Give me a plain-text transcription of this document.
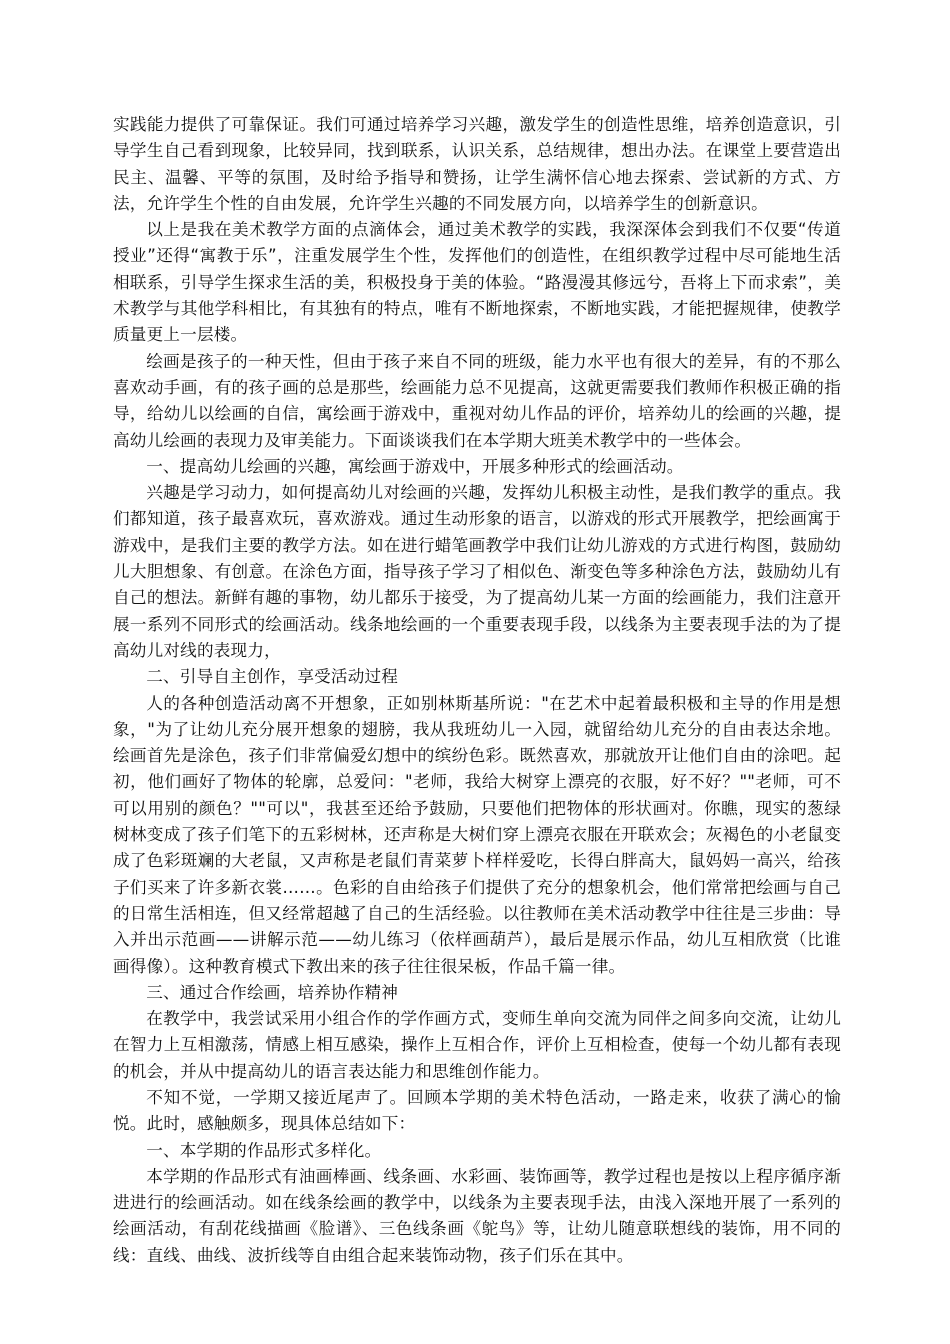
实践能力提供了可靠保证。我们可通过培养学习兴趣，激发学生的创造性思维，培养创造意识，引导学生自己看到现象，比较异同，找到联系，认识关系，总结规律，想出办法。在课堂上要营造出民主、温馨、平等的氛围，及时给予指导和赞扬，让学生满怀信心地去探索、尝试新的方式、方法，允许学生个性的自由发展，允许学生兴趣的不同发展方向，以培养学生的创新意识。

以上是我在美术教学方面的点滴体会，通过美术教学的实践，我深深体会到我们不仅要“传道授业”还得“寓教于乐”，注重发展学生个性，发挥他们的创造性，在组织教学过程中尽可能地生活相联系，引导学生探求生活的美，积极投身于美的体验。“路漫漫其修远兮，吾将上下而求索”，美术教学与其他学科相比，有其独有的特点，唯有不断地探索，不断地实践，才能把握规律，使教学质量更上一层楼。

绘画是孩子的一种天性，但由于孩子来自不同的班级，能力水平也有很大的差异，有的不那么喜欢动手画，有的孩子画的总是那些，绘画能力总不见提高，这就更需要我们教师作积极正确的指导，给幼儿以绘画的自信，寓绘画于游戏中，重视对幼儿作品的评价，培养幼儿的绘画的兴趣，提高幼儿绘画的表现力及审美能力。下面谈谈我们在本学期大班美术教学中的一些体会。

一、提高幼儿绘画的兴趣，寓绘画于游戏中，开展多种形式的绘画活动。

兴趣是学习动力，如何提高幼儿对绘画的兴趣，发挥幼儿积极主动性，是我们教学的重点。我们都知道，孩子最喜欢玩，喜欢游戏。通过生动形象的语言，以游戏的形式开展教学，把绘画寓于游戏中，是我们主要的教学方法。如在进行蜡笔画教学中我们让幼儿游戏的方式进行构图，鼓励幼儿大胆想象、有创意。在涂色方面，指导孩子学习了相似色、渐变色等多种涂色方法，鼓励幼儿有自己的想法。新鲜有趣的事物，幼儿都乐于接受，为了提高幼儿某一方面的绘画能力，我们注意开展一系列不同形式的绘画活动。线条地绘画的一个重要表现手段，以线条为主要表现手法的为了提高幼儿对线的表现力，

二、引导自主创作，享受活动过程

人的各种创造活动离不开想象，正如别林斯基所说："在艺术中起着最积极和主导的作用是想象，"为了让幼儿充分展开想象的翅膀，我从我班幼儿一入园，就留给幼儿充分的自由表达余地。绘画首先是涂色，孩子们非常偏爱幻想中的缤纷色彩。既然喜欢，那就放开让他们自由的涂吧。起初，他们画好了物体的轮廓，总爱问："老师，我给大树穿上漂亮的衣服，好不好？""老师，可不可以用别的颜色？""可以"，我甚至还给予鼓励，只要他们把物体的形状画对。你瞧，现实的葱绿树林变成了孩子们笔下的五彩树林，还声称是大树们穿上漂亮衣服在开联欢会；灰褐色的小老鼠变成了色彩斑斓的大老鼠，又声称是老鼠们青菜萝卜样样爱吃，长得白胖高大，鼠妈妈一高兴，给孩子们买来了许多新衣裳……。色彩的自由给孩子们提供了充分的想象机会，他们常常把绘画与自己的日常生活相连，但又经常超越了自己的生活经验。以往教师在美术活动教学中往往是三步曲：导入并出示范画——讲解示范——幼儿练习（依样画葫芦），最后是展示作品，幼儿互相欣赏（比谁画得像）。这种教育模式下教出来的孩子往往很呆板，作品千篇一律。

三、通过合作绘画，培养协作精神

在教学中，我尝试采用小组合作的学作画方式，变师生单向交流为同伴之间多向交流，让幼儿在智力上互相激荡，情感上相互感染，操作上互相合作，评价上互相检查，使每一个幼儿都有表现的机会，并从中提高幼儿的语言表达能力和思维创作能力。

不知不觉，一学期又接近尾声了。回顾本学期的美术特色活动，一路走来，收获了满心的愉悦。此时，感触颇多，现具体总结如下：

一、本学期的作品形式多样化。

本学期的作品形式有油画棒画、线条画、水彩画、装饰画等，教学过程也是按以上程序循序渐进进行的绘画活动。如在线条绘画的教学中，以线条为主要表现手法，由浅入深地开展了一系列的绘画活动，有刮花线描画《脸谱》、三色线条画《鸵鸟》等，让幼儿随意联想线的装饰，用不同的线：直线、曲线、波折线等自由组合起来装饰动物，孩子们乐在其中。
